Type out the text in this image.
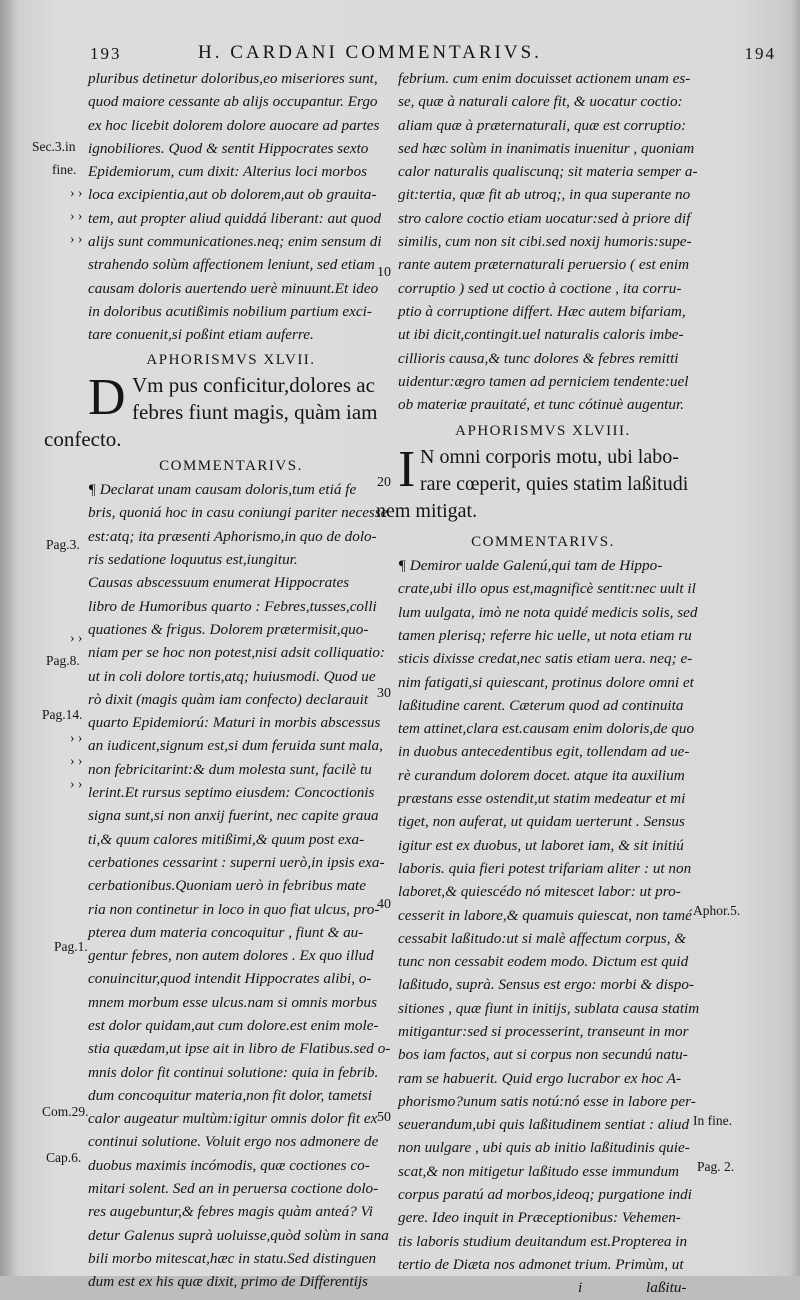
193	H. CARDANI COMMENTARIVS.	194
pluribus detinetur doloribus,eo miseriores sunt,
quod maiore cessante ab alijs occupantur. Ergo
ex hoc licebit dolorem dolore auocare ad partes
ignobiliores. Quod & sentit Hippocrates sexto
Epidemiorum, cum dixit: Alterius loci morbos
loca excipientia,aut ob dolorem,aut ob grauita-
tem, aut propter aliud quiddá liberant: aut quod
alijs sunt communicationes.neq; enim sensum di
strahendo solùm affectionem leniunt, sed etiam
causam doloris auertendo uerè minuunt.Et ideo
in doloribus acutißimis nobilium partium exci-
tare conuenit,si poßint etiam auferre.
APHORISMVS XLVII.
D Vm pus conficitur,dolores ac
febres fiunt magis, quàm iam
confecto.
COMMENTARIVS.
¶ Declarat unam causam doloris,tum etiá fe
bris, quoniá hoc in casu coniungi pariter necesse
est:atq; ita præsenti Aphorismo,in quo de dolo-
ris sedatione loquutus est,iungitur.
Causas abscessuum enumerat Hippocrates
libro de Humoribus quarto : Febres,tusses,colli
quationes & frigus. Dolorem prætermisit,quo-
niam per se hoc non potest,nisi adsit colliquatio:
ut in coli dolore tortis,atq; huiusmodi. Quod ue
rò dixit (magis quàm iam confecto) declarauit
quarto Epidemiorú: Maturi in morbis abscessus
an iudicent,signum est,si dum feruida sunt mala,
non febricitarint:& dum molesta sunt, facilè tu
lerint.Et rursus septimo eiusdem: Concoctionis
signa sunt,si non anxij fuerint, nec capite graua
ti,& quum calores mitißimi,& quum post exa-
cerbationes cessarint : superni uerò,in ipsis exa-
cerbationibus.Quoniam uerò in febribus mate
ria non continetur in loco in quo fiat ulcus, pro-
pterea dum materia concoquitur , fiunt & au-
gentur febres, non autem dolores . Ex quo illud
conuincitur,quod intendit Hippocrates alibi, o-
mnem morbum esse ulcus.nam si omnis morbus
est dolor quidam,aut cum dolore.est enim mole-
stia quædam,ut ipse ait in libro de Flatibus.sed o-
mnis dolor fit continui solutione: quia in febrib.
dum concoquitur materia,non fit dolor, tametsi
calor augeatur multùm:igitur omnis dolor fit ex
continui solutione. Voluit ergo nos admonere de
duobus maximis incómodis, quæ coctiones co-
mitari solent. Sed an in peruersa coctione dolo-
res augebuntur,& febres magis quàm anteá? Vi
detur Galenus suprà uoluisse,quòd solùm in sana
bili morbo mitescat,hæc in statu.Sed distinguen
dum est ex his quæ dixit, primo de Differentijs
febrium. cum enim docuisset actionem unam es-
se, quæ à naturali calore fit, & uocatur coctio:
aliam quæ à præternaturali, quæ est corruptio:
sed hæc solùm in inanimatis inuenitur , quoniam
calor naturalis qualiscunq; sit materia semper a-
git:tertia, quæ fit ab utroq;, in qua superante no
stro calore coctio etiam uocatur:sed à priore dif
similis, cum non sit cibi.sed noxij humoris:supe-
rante autem præternaturali peruersio ( est enim
corruptio ) sed ut coctio à coctione , ita corru-
ptio à corruptione differt. Hæc autem bifariam,
ut ibi dicit,contingit.uel naturalis caloris imbe-
cillioris causa,& tunc dolores & febres remitti
uidentur:ægro tamen ad perniciem tendente:uel
ob materiæ prauitaté, et tunc cótinuè augentur.
APHORISMVS XLVIII.
I N omni corporis motu, ubi labo-
rare cœperit, quies statim laßitudi
nem mitigat.
COMMENTARIVS.
¶ Demiror ualde Galenú,qui tam de Hippo-
crate,ubi illo opus est,magnificè sentit:nec uult il
lum uulgata, imò ne nota quidé medicis solis, sed
tamen plerisq; referre hic uelle, ut nota etiam ru
sticis dixisse credat,nec satis etiam uera. neq; e-
nim fatigati,si quiescant, protinus dolore omni et
laßitudine carent. Cæterum quod ad continuita
tem attinet,clara est.causam enim doloris,de quo
in duobus antecedentibus egit, tollendam ad ue-
rè curandum dolorem docet. atque ita auxilium
præstans esse ostendit,ut statim medeatur et mi
tiget, non auferat, ut quidam uerterunt . Sensus
igitur est ex duobus, ut laboret iam, & sit initiú
laboris. quia fieri potest trifariam aliter : ut non
laboret,& quiescédo nó mitescet labor: ut pro-
cesserit in labore,& quamuis quiescat, non tamé
cessabit laßitudo:ut si malè affectum corpus, &
tunc non cessabit eodem modo. Dictum est quid
laßitudo, suprà. Sensus est ergo: morbi & dispo-
sitiones , quæ fiunt in initijs, sublata causa statim
mitigantur:sed si processerint, transeunt in mor
bos iam factos, aut si corpus non secundú natu-
ram se habuerit. Quid ergo lucrabor ex hoc A-
phorismo?unum satis notú:nó esse in labore per-
seuerandum,ubi quis laßitudinem sentiat : aliud
non uulgare , ubi quis ab initio laßitudinis quie-
scat,& non mitigetur laßitudo esse immundum
corpus paratú ad morbos,ideoq; purgatione indi
gere. Ideo inquit in Præceptionibus: Vehemen-
tis laboris studium deuitandum est.Propterea in
tertio de Diæta nos admonet trium. Primùm, ut
i	laßitu-
Sec.3.in
fine.
› ›
› ›
› ›
Pag.3.
› ›
Pag.8.
Pag.14.
› ›
› ›
› ›
Pag.1.
Com.29.
Cap.6.
Aphor.5.
In fine.
Pag. 2.
10
20
30
40
50
